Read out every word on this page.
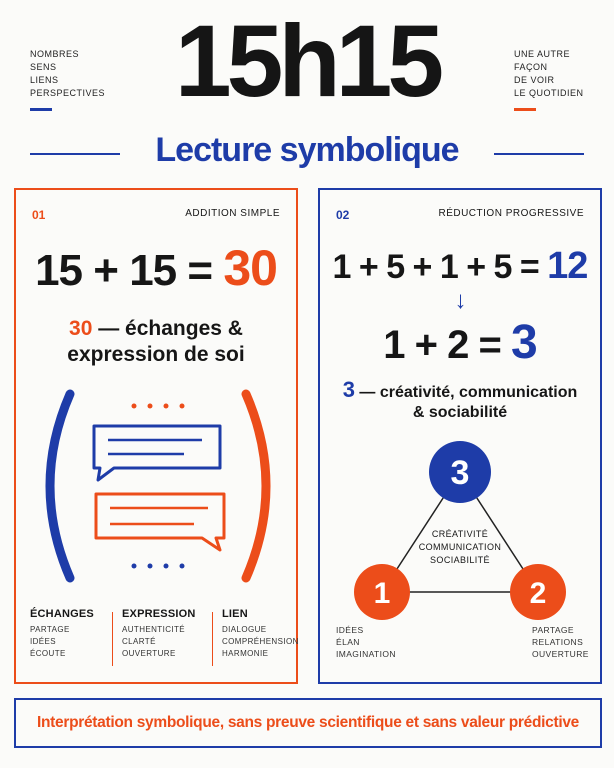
NOMBRES
SENS
LIENS
PERSPECTIVES
UNE AUTRE
FAÇON
DE VOIR
LE QUOTIDIEN
15h15
Lecture symbolique
01	ADDITION SIMPLE
15 + 15 = 30
30 — échanges &
expression de soi
ÉCHANGES
PARTAGE
IDÉES
ÉCOUTE
EXPRESSION
AUTHENTICITÉ
CLARTÉ
OUVERTURE
LIEN
DIALOGUE
COMPRÉHENSION
HARMONIE
02	RÉDUCTION PROGRESSIVE
1 + 5 + 1 + 5 = 12
↓
1 + 2 = 3
3 — créativité, communication
& sociabilité
3
1	2
CRÉATIVITÉ
COMMUNICATION
SOCIABILITÉ
IDÉES
ÉLAN
IMAGINATION
PARTAGE
RELATIONS
OUVERTURE
Interprétation symbolique, sans preuve scientifique et sans valeur prédictive
